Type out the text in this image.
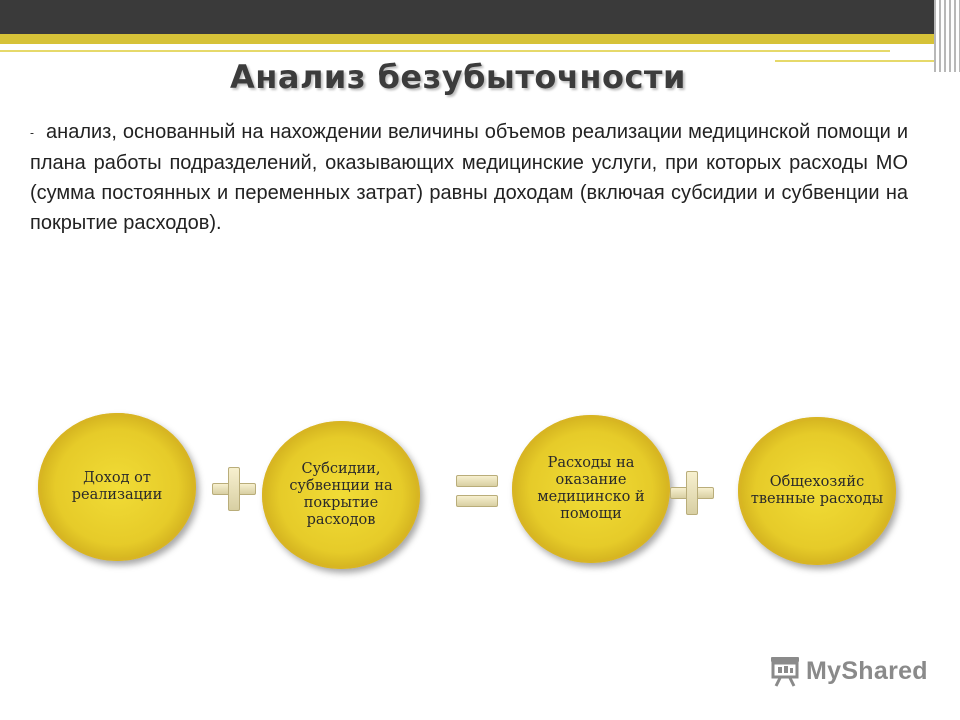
Анализ безубыточности

- анализ, основанный на нахождении величины объемов реализации медицинской помощи и плана работы подразделений, оказывающих медицинские услуги, при которых расходы МО (сумма постоянных и переменных затрат) равны доходам (включая субсидии и субвенции на покрытие расходов).

Доход от реализации
Субсидии, субвенции на покрытие расходов
Расходы на оказание медицинско й помощи
Общехозяйс твенные расходы
MyShared
